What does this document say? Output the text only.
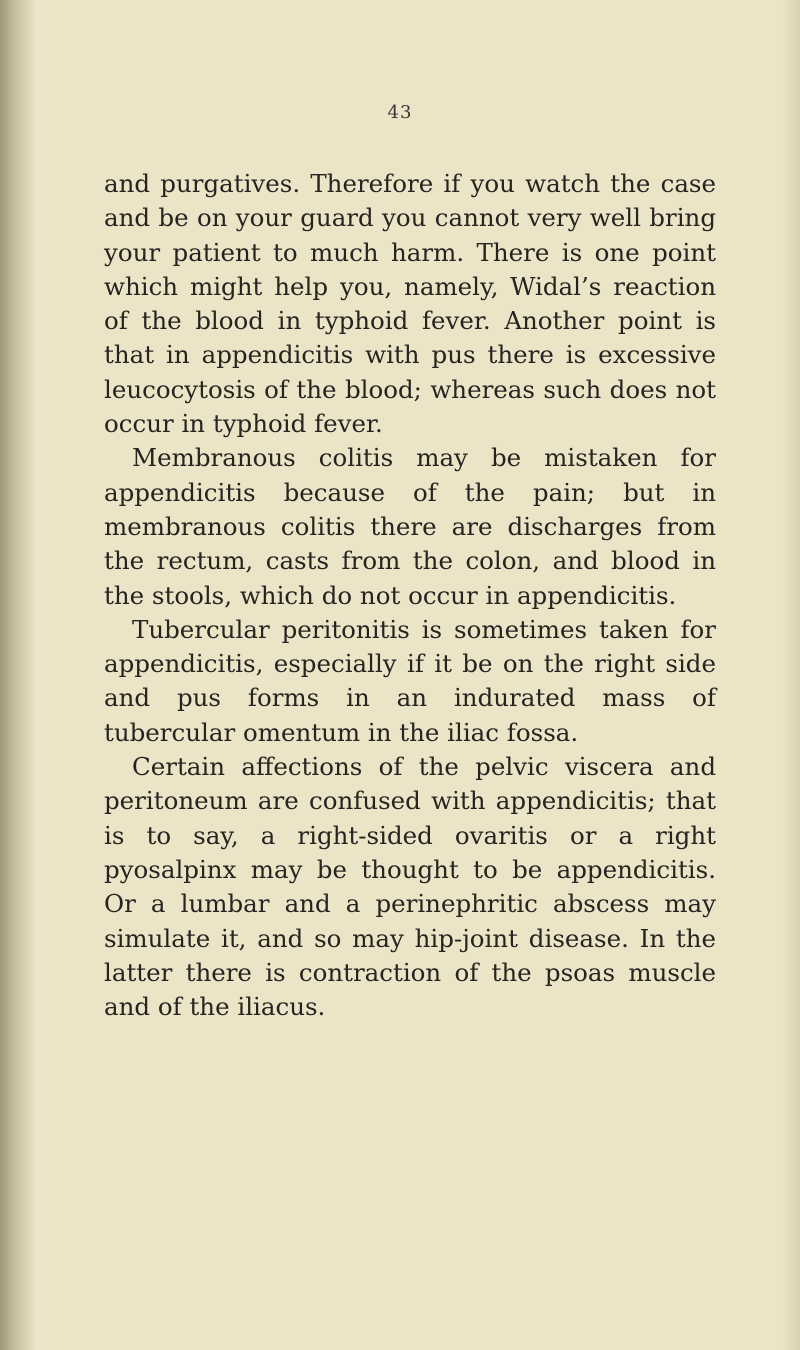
43

and purgatives. Therefore if you watch the case and be on your guard you cannot very well bring your patient to much harm. There is one point which might help you, namely, Widal’s reaction of the blood in typhoid fever. Another point is that in appendicitis with pus there is excessive leucocytosis of the blood; whereas such does not occur in typhoid fever.

Membranous colitis may be mistaken for appendicitis because of the pain; but in membranous colitis there are discharges from the rectum, casts from the colon, and blood in the stools, which do not occur in appendicitis.

Tubercular peritonitis is sometimes taken for appendicitis, especially if it be on the right side and pus forms in an indurated mass of tubercular omentum in the iliac fossa.

Certain affections of the pelvic viscera and peritoneum are confused with appendicitis; that is to say, a right-sided ovaritis or a right pyosalpinx may be thought to be appendicitis. Or a lumbar and a perinephritic abscess may simulate it, and so may hip-joint disease. In the latter there is contraction of the psoas muscle and of the iliacus.
